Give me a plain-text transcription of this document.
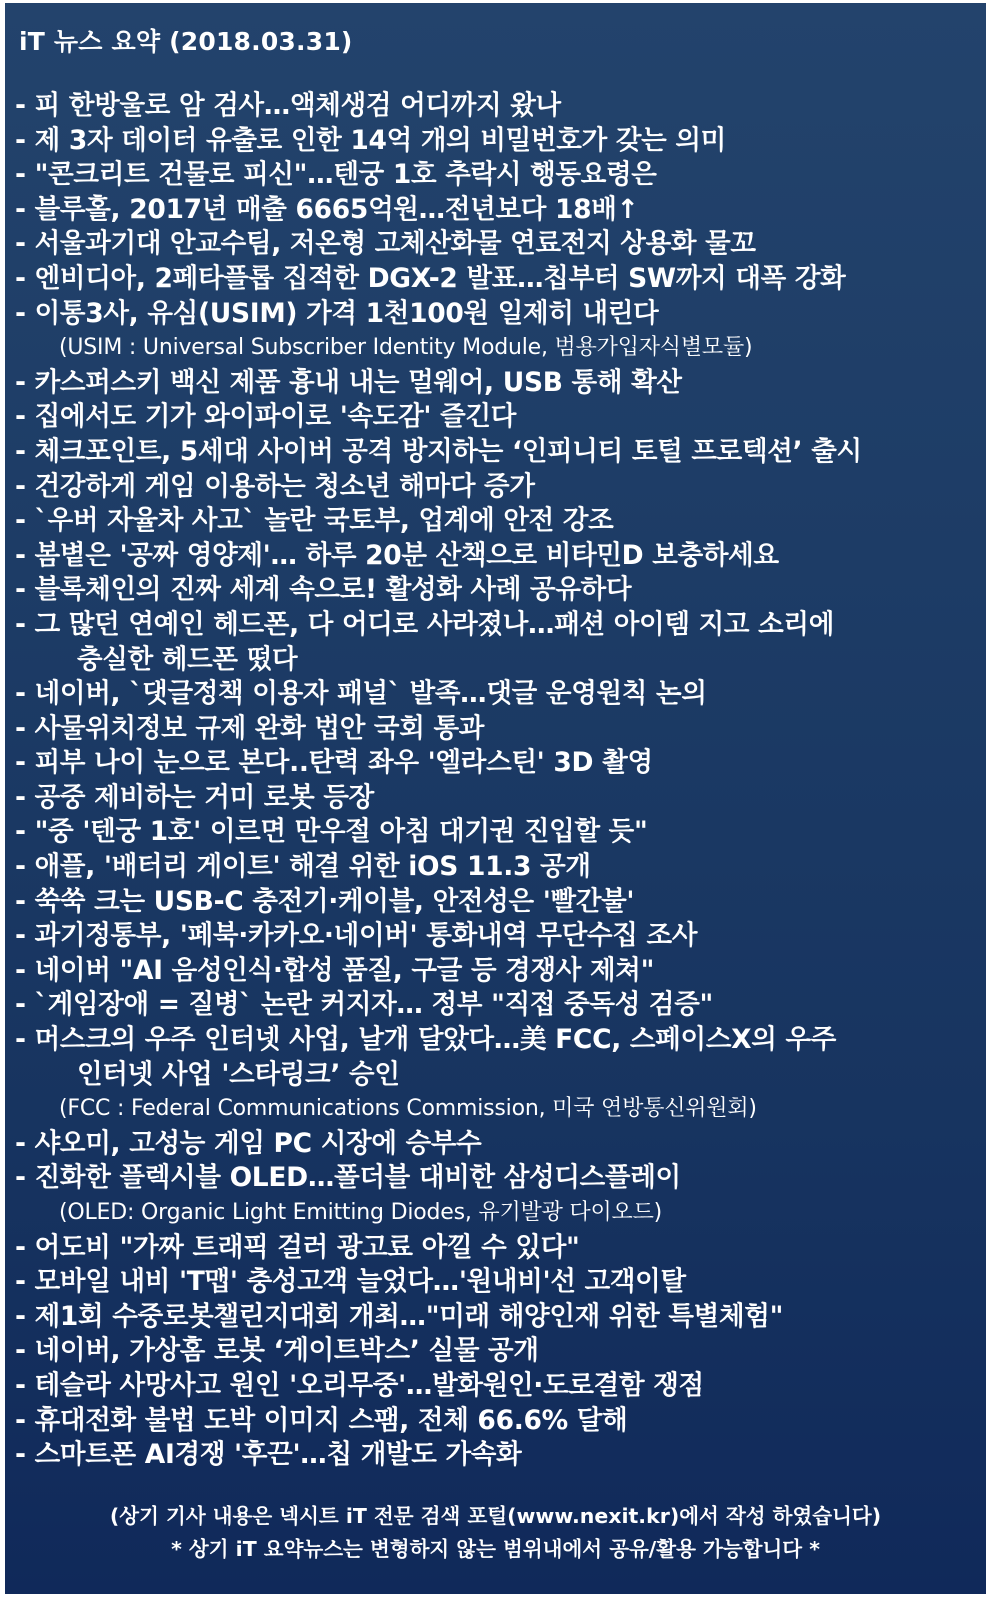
iT 뉴스 요약 (2018.03.31)
- 피 한방울로 암 검사…액체생검 어디까지 왔나
- 제 3자 데이터 유출로 인한 14억 개의 비밀번호가 갖는 의미
- "콘크리트 건물로 피신"…텐궁 1호 추락시 행동요령은
- 블루홀, 2017년 매출 6665억원…전년보다 18배↑
- 서울과기대 안교수팀, 저온형 고체산화물 연료전지 상용화 물꼬
- 엔비디아, 2페타플롭 집적한 DGX-2 발표…칩부터 SW까지 대폭 강화
- 이통3사, 유심(USIM) 가격 1천100원 일제히 내린다
(USIM : Universal Subscriber Identity Module, 범용가입자식별모듈)
- 카스퍼스키 백신 제품 흉내 내는 멀웨어, USB 통해 확산
- 집에서도 기가 와이파이로 '속도감' 즐긴다
- 체크포인트, 5세대 사이버 공격 방지하는 ‘인피니티 토털 프로텍션’ 출시
- 건강하게 게임 이용하는 청소년 해마다 증가
- `우버 자율차 사고` 놀란 국토부, 업계에 안전 강조
- 봄볕은 '공짜 영양제'… 하루 20분 산책으로 비타민D 보충하세요
- 블록체인의 진짜 세계 속으로! 활성화 사례 공유하다
- 그 많던 연예인 헤드폰, 다 어디로 사라졌나…패션 아이템 지고 소리에
충실한 헤드폰 떴다
- 네이버, `댓글정책 이용자 패널` 발족…댓글 운영원칙 논의
- 사물위치정보 규제 완화 법안 국회 통과
- 피부 나이 눈으로 본다..탄력 좌우 '엘라스틴' 3D 촬영
- 공중 제비하는 거미 로봇 등장
- "중 '텐궁 1호' 이르면 만우절 아침 대기권 진입할 듯"
- 애플, '배터리 게이트' 해결 위한 iOS 11.3 공개
- 쑥쑥 크는 USB-C 충전기·케이블, 안전성은 '빨간불'
- 과기정통부, '페북·카카오·네이버' 통화내역 무단수집 조사
- 네이버 "AI 음성인식·합성 품질, 구글 등 경쟁사 제쳐"
- `게임장애 = 질병` 논란 커지자… 정부 "직접 중독성 검증"
- 머스크의 우주 인터넷 사업, 날개 달았다…美 FCC, 스페이스X의 우주
인터넷 사업 '스타링크’ 승인
(FCC : Federal Communications Commission, 미국 연방통신위원회)
- 샤오미, 고성능 게임 PC 시장에 승부수
- 진화한 플렉시블 OLED…폴더블 대비한 삼성디스플레이
(OLED: Organic Light Emitting Diodes, 유기발광 다이오드)
- 어도비 "가짜 트래픽 걸러 광고료 아낄 수 있다"
- 모바일 내비 'T맵' 충성고객 늘었다…'원내비'선 고객이탈
- 제1회 수중로봇챌린지대회 개최…"미래 해양인재 위한 특별체험"
- 네이버, 가상홈 로봇 ‘게이트박스’ 실물 공개
- 테슬라 사망사고 원인 '오리무중'…발화원인·도로결함 쟁점
- 휴대전화 불법 도박 이미지 스팸, 전체 66.6% 달해
- 스마트폰 AI경쟁 '후끈'…칩 개발도 가속화
(상기 기사 내용은 넥시트 iT 전문 검색 포털(www.nexit.kr)에서 작성 하였습니다)
* 상기 iT 요약뉴스는 변형하지 않는 범위내에서 공유/활용 가능합니다 *
